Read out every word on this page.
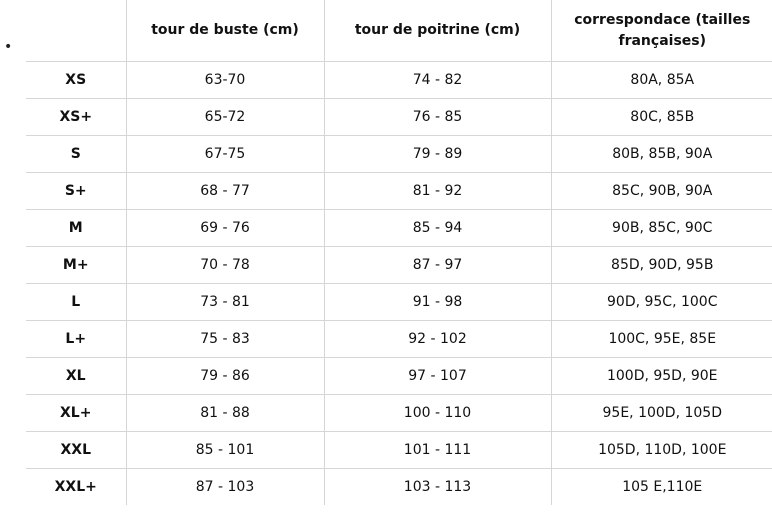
•
	tour de buste (cm)	tour de poitrine (cm)	correspondace (tailles françaises)
XS	63-70	74 - 82	80A, 85A
XS+	65-72	76 - 85	80C, 85B
S	67-75	79 - 89	80B, 85B, 90A
S+	68 - 77	81 - 92	85C, 90B, 90A
M	69 - 76	85 - 94	90B, 85C, 90C
M+	70 - 78	87 - 97	85D, 90D, 95B
L	73 - 81	91 - 98	90D, 95C, 100C
L+	75 - 83	92 - 102	100C, 95E, 85E
XL	79 - 86	97 - 107	100D, 95D, 90E
XL+	81 - 88	100 - 110	95E, 100D, 105D
XXL	85 - 101	101 - 111	105D, 110D, 100E
XXL+	87 - 103	103 - 113	105 E,110E
